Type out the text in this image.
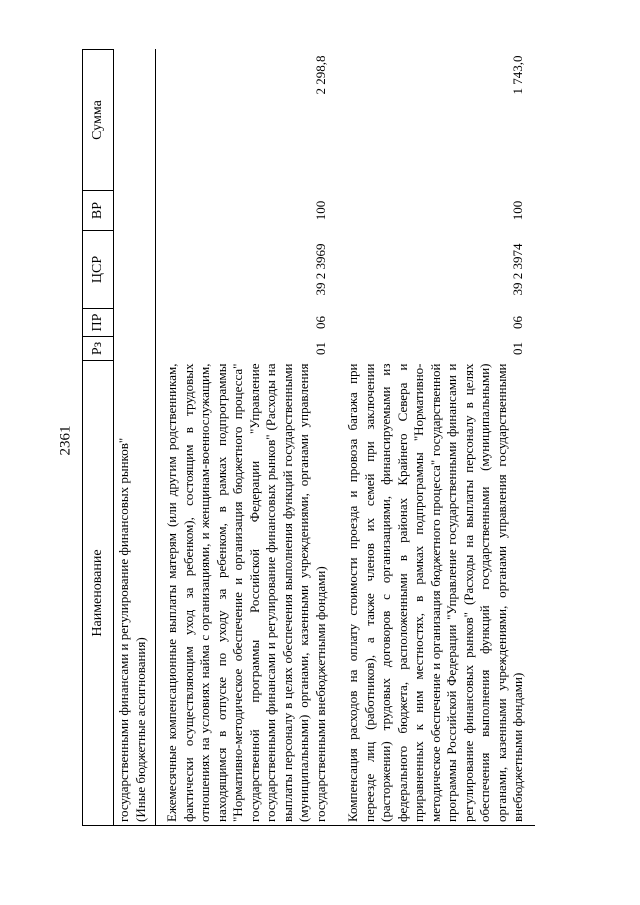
2361
Наименование	Рз	ПР	ЦСР	ВР	Сумма

государственными финансами и регулирование финансовых рынков" (Иные бюджетные ассигнования)					

Ежемесячные компенсационные выплаты матерям (или другим родственникам, фактически осуществляющим уход за ребенком), состоящим в трудовых отношениях на условиях найма с организациями, и женщинам-военнослужащим, находящимся в отпуске по уходу за ребенком, в рамках подпрограммы "Нормативно-методическое обеспечение и организация бюджетного процесса" государственной программы Российской Федерации "Управление государственными финансами и регулирование финансовых рынков" (Расходы на выплаты персоналу в целях обеспечения выполнения функций государственными (муниципальными) органами, казенными учреждениями, органами управления государственными внебюджетными фондами)	01	06	39 2 3969	100	2 298,8
Компенсация расходов на оплату стоимости проезда и провоза багажа при переезде лиц (работников), а также членов их семей при заключении (расторжении) трудовых договоров с организациями, финансируемыми из федерального бюджета, расположенными в районах Крайнего Севера и приравненных к ним местностях, в рамках подпрограммы "Нормативно-методическое обеспечение и организация бюджетного процесса" государственной программы Российской Федерации "Управление государственными финансами и регулирование финансовых рынков" (Расходы на выплаты персоналу в целях обеспечения выполнения функций государственными (муниципальными) органами, казенными учреждениями, органами управления государственными внебюджетными фондами)	01	06	39 2 3974	100	1 743,0
